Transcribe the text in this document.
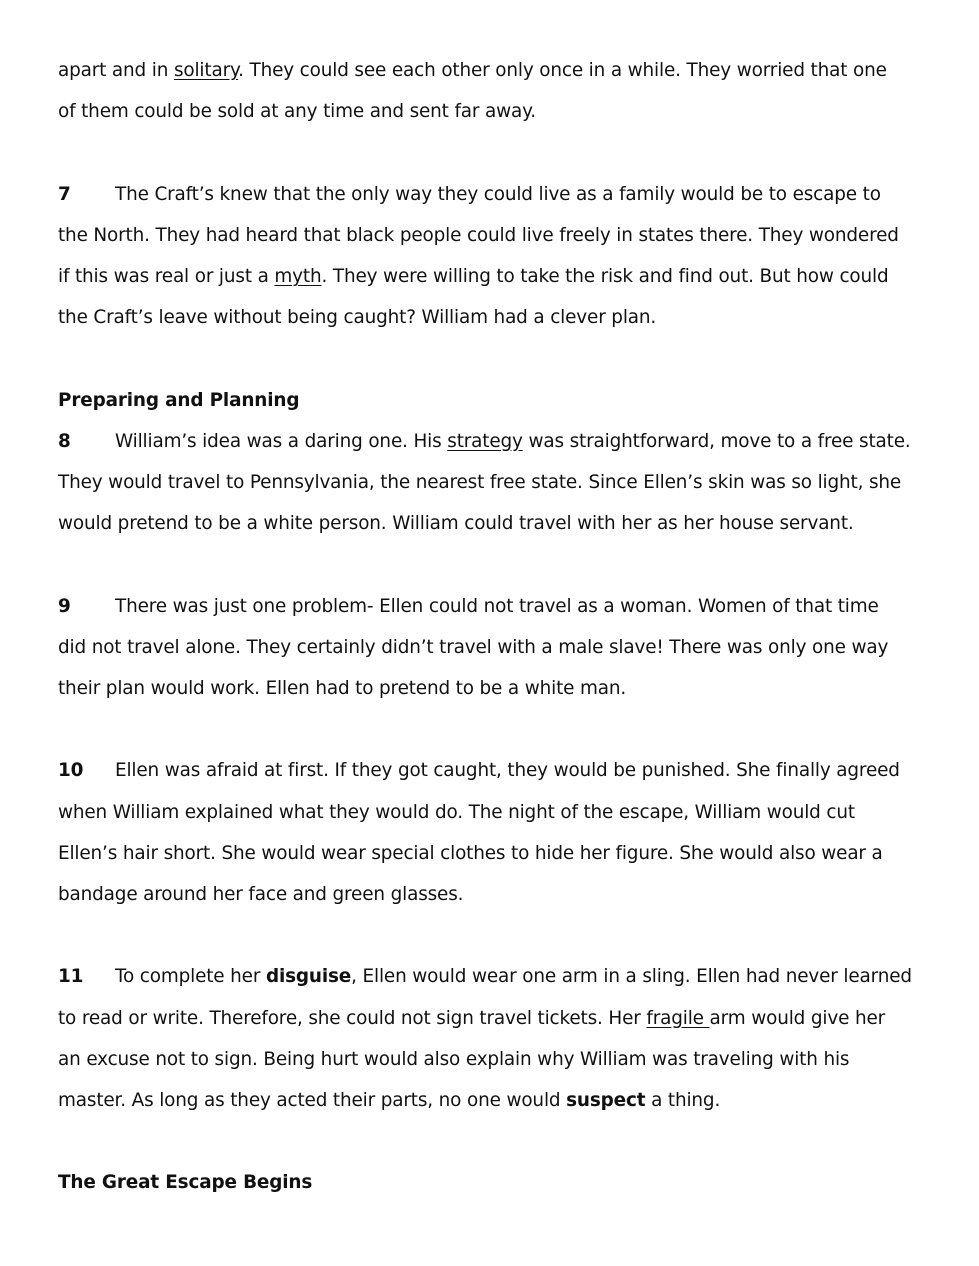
apart and in solitary. They could see each other only once in a while. They worried that one
of them could be sold at any time and sent far away.
7 The Craft’s knew that the only way they could live as a family would be to escape to
the North. They had heard that black people could live freely in states there. They wondered
if this was real or just a myth. They were willing to take the risk and find out. But how could
the Craft’s leave without being caught? William had a clever plan.
Preparing and Planning
8 William’s idea was a daring one. His strategy was straightforward, move to a free state.
They would travel to Pennsylvania, the nearest free state. Since Ellen’s skin was so light, she
would pretend to be a white person. William could travel with her as her house servant.
9 There was just one problem- Ellen could not travel as a woman. Women of that time
did not travel alone. They certainly didn’t travel with a male slave! There was only one way
their plan would work. Ellen had to pretend to be a white man.
10 Ellen was afraid at first. If they got caught, they would be punished. She finally agreed
when William explained what they would do. The night of the escape, William would cut
Ellen’s hair short. She would wear special clothes to hide her figure. She would also wear a
bandage around her face and green glasses.
11 To complete her disguise, Ellen would wear one arm in a sling. Ellen had never learned
to read or write. Therefore, she could not sign travel tickets. Her fragile arm would give her
an excuse not to sign. Being hurt would also explain why William was traveling with his
master. As long as they acted their parts, no one would suspect a thing.
The Great Escape Begins
